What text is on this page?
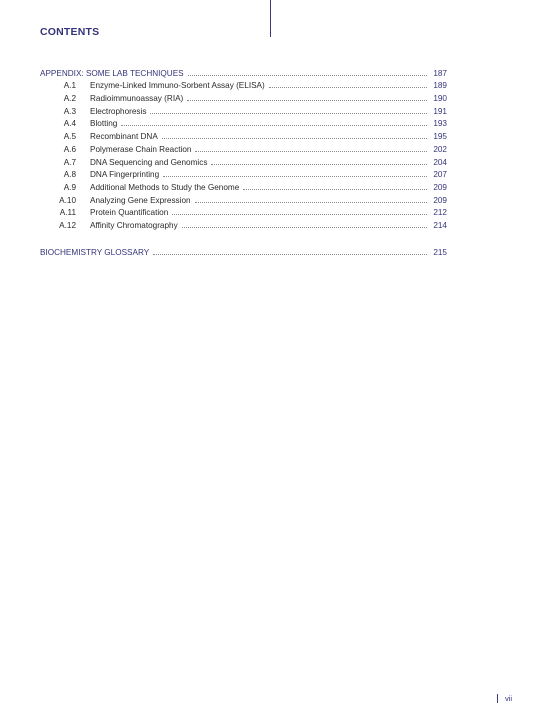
CONTENTS
APPENDIX: SOME LAB TECHNIQUES	187
A.1 Enzyme-Linked Immuno-Sorbent Assay (ELISA)	189
A.2 Radioimmunoassay (RIA)	190
A.3 Electrophoresis	191
A.4 Blotting	193
A.5 Recombinant DNA	195
A.6 Polymerase Chain Reaction	202
A.7 DNA Sequencing and Genomics	204
A.8 DNA Fingerprinting	207
A.9 Additional Methods to Study the Genome	209
A.10 Analyzing Gene Expression	209
A.11 Protein Quantification	212
A.12 Affinity Chromatography	214
BIOCHEMISTRY GLOSSARY	215
vii
